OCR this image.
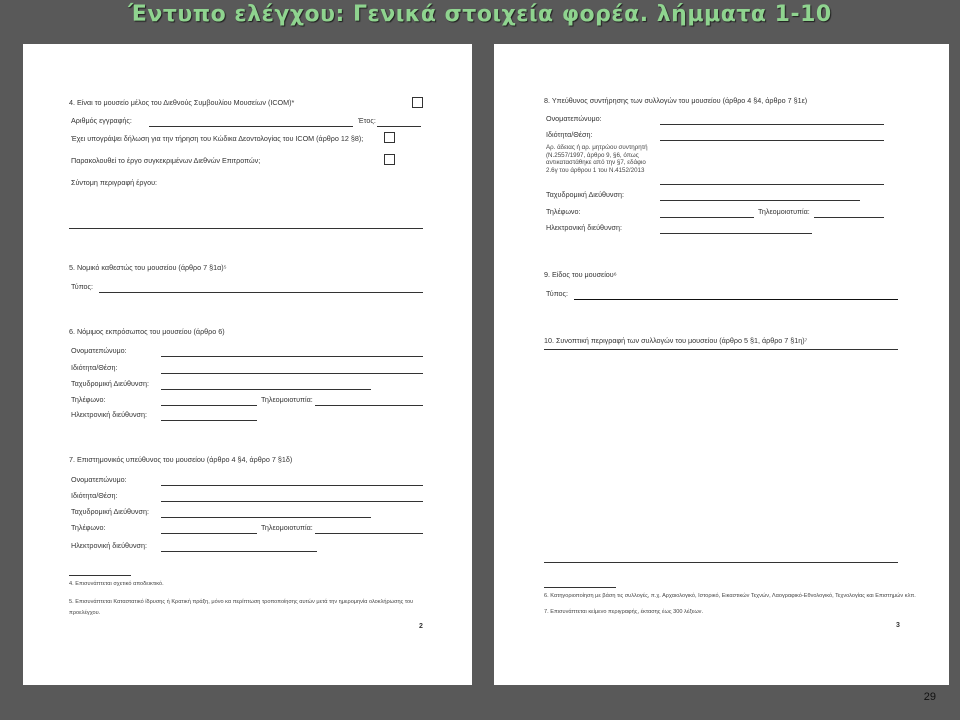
Έντυπο ελέγχου: Γενικά στοιχεία φορέα. λήμματα 1-10
4. Είναι το μουσείο μέλος του Διεθνούς Συμβουλίου Μουσείων (ICOM)*
Αριθμός εγγραφής:	Έτος:
Έχει υπογράψει δήλωση για την τήρηση του Κώδικα Δεοντολογίας του ICOM (άρθρο 12 §8);
Παρακολουθεί το έργο συγκεκριμένων Διεθνών Επιτροπών;
Σύντομη περιγραφή έργου:
5. Νομικό καθεστώς του μουσείου (άρθρο 7 §1α)⁵
Τύπος:
6. Νόμιμος εκπρόσωπος του μουσείου (άρθρο 6)
Ονοματεπώνυμο:
Ιδιότητα/Θέση:
Ταχυδρομική Διεύθυνση:
Τηλέφωνο:	Τηλεομοιοτυπία:
Ηλεκτρονική διεύθυνση:
7. Επιστημονικός υπεύθυνος του μουσείου (άρθρο 4 §4, άρθρο 7 §1δ)
Ονοματεπώνυμο:
Ιδιότητα/Θέση:
Ταχυδρομική Διεύθυνση:
Τηλέφωνο:	Τηλεομοιοτυπία:
Ηλεκτρονική διεύθυνση:
4. Επισυνάπτεται σχετικό αποδεικτικό.
5. Επισυνάπτεται Καταστατικό ίδρυσης ή Κρατική πράξη, μόνο κα περίπτωση τροποποίησης αυτών μετά την ημερομηνία ολοκλήρωσης του
προελέγχου.
2
8. Υπεύθυνος συντήρησης των συλλογών του μουσείου (άρθρο 4 §4, άρθρο 7 §1ε)
Ονοματεπώνυμο:
Ιδιότητα/Θέση:
Αρ. άδειας ή αρ. μητρώου συντηρητή (Ν.2557/1997, άρθρο 9, §6, όπως αντικαταστάθηκε από την §7, εδάφιο 2.6γ του άρθρου 1 του Ν.4152/2013
Ταχυδρομική Διεύθυνση:
Τηλέφωνο:	Τηλεομοιοτυπία:
Ηλεκτρονική διεύθυνση:
9. Είδος του μουσείου⁶
Τύπος:
10. Συνοπτική περιγραφή των συλλογών του μουσείου (άρθρο 5 §1, άρθρο 7 §1η)⁷
6. Κατηγοριοποίηση με βάση τις συλλογές, π.χ. Αρχαιολογικό, Ιστορικό, Εικαστικών Τεχνών, Λαογραφικό-Εθνολογικό, Τεχνολογίας και Επιστημών κλπ.
7. Επισυνάπτεται κείμενο περιγραφής, έκτασης έως 300 λέξεων.
3
29
